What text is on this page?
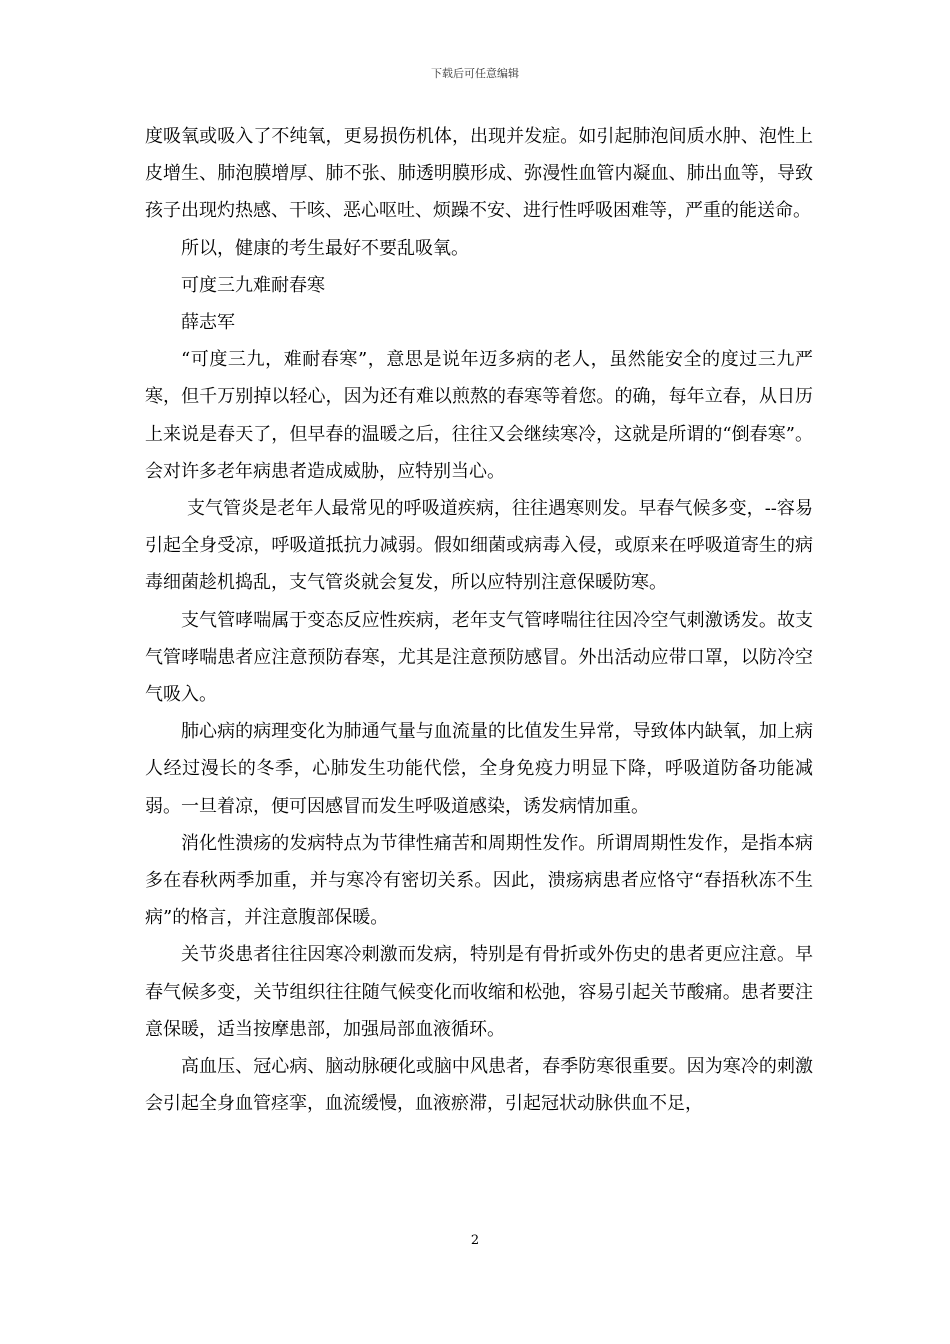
下载后可任意编辑

度吸氧或吸入了不纯氧，更易损伤机体，出现并发症。如引起肺泡间质水肿、泡性上皮增生、肺泡膜增厚、肺不张、肺透明膜形成、弥漫性血管内凝血、肺出血等，导致孩子出现灼热感、干咳、恶心呕吐、烦躁不安、进行性呼吸困难等，严重的能送命。

所以，健康的考生最好不要乱吸氧。

可度三九难耐春寒

薛志军

“可度三九，难耐春寒”，意思是说年迈多病的老人，虽然能安全的度过三九严寒，但千万别掉以轻心，因为还有难以煎熬的春寒等着您。的确，每年立春，从日历上来说是春天了，但早春的温暖之后，往往又会继续寒冷，这就是所谓的“倒春寒”。会对许多老年病患者造成威胁，应特别当心。

支气管炎是老年人最常见的呼吸道疾病，往往遇寒则发。早春气候多变，--容易引起全身受凉，呼吸道抵抗力减弱。假如细菌或病毒入侵，或原来在呼吸道寄生的病毒细菌趁机捣乱，支气管炎就会复发，所以应特别注意保暖防寒。

支气管哮喘属于变态反应性疾病，老年支气管哮喘往往因冷空气刺激诱发。故支气管哮喘患者应注意预防春寒，尤其是注意预防感冒。外出活动应带口罩，以防冷空气吸入。

肺心病的病理变化为肺通气量与血流量的比值发生异常，导致体内缺氧，加上病人经过漫长的冬季，心肺发生功能代偿，全身免疫力明显下降，呼吸道防备功能减弱。一旦着凉，便可因感冒而发生呼吸道感染，诱发病情加重。

消化性溃疡的发病特点为节律性痛苦和周期性发作。所谓周期性发作，是指本病多在春秋两季加重，并与寒冷有密切关系。因此，溃疡病患者应恪守“春捂秋冻不生病”的格言，并注意腹部保暖。

关节炎患者往往因寒冷刺激而发病，特别是有骨折或外伤史的患者更应注意。早春气候多变，关节组织往往随气候变化而收缩和松弛，容易引起关节酸痛。患者要注意保暖，适当按摩患部，加强局部血液循环。

高血压、冠心病、脑动脉硬化或脑中风患者，春季防寒很重要。因为寒冷的刺激会引起全身血管痉挛，血流缓慢，血液瘀滞，引起冠状动脉供血不足，

2
